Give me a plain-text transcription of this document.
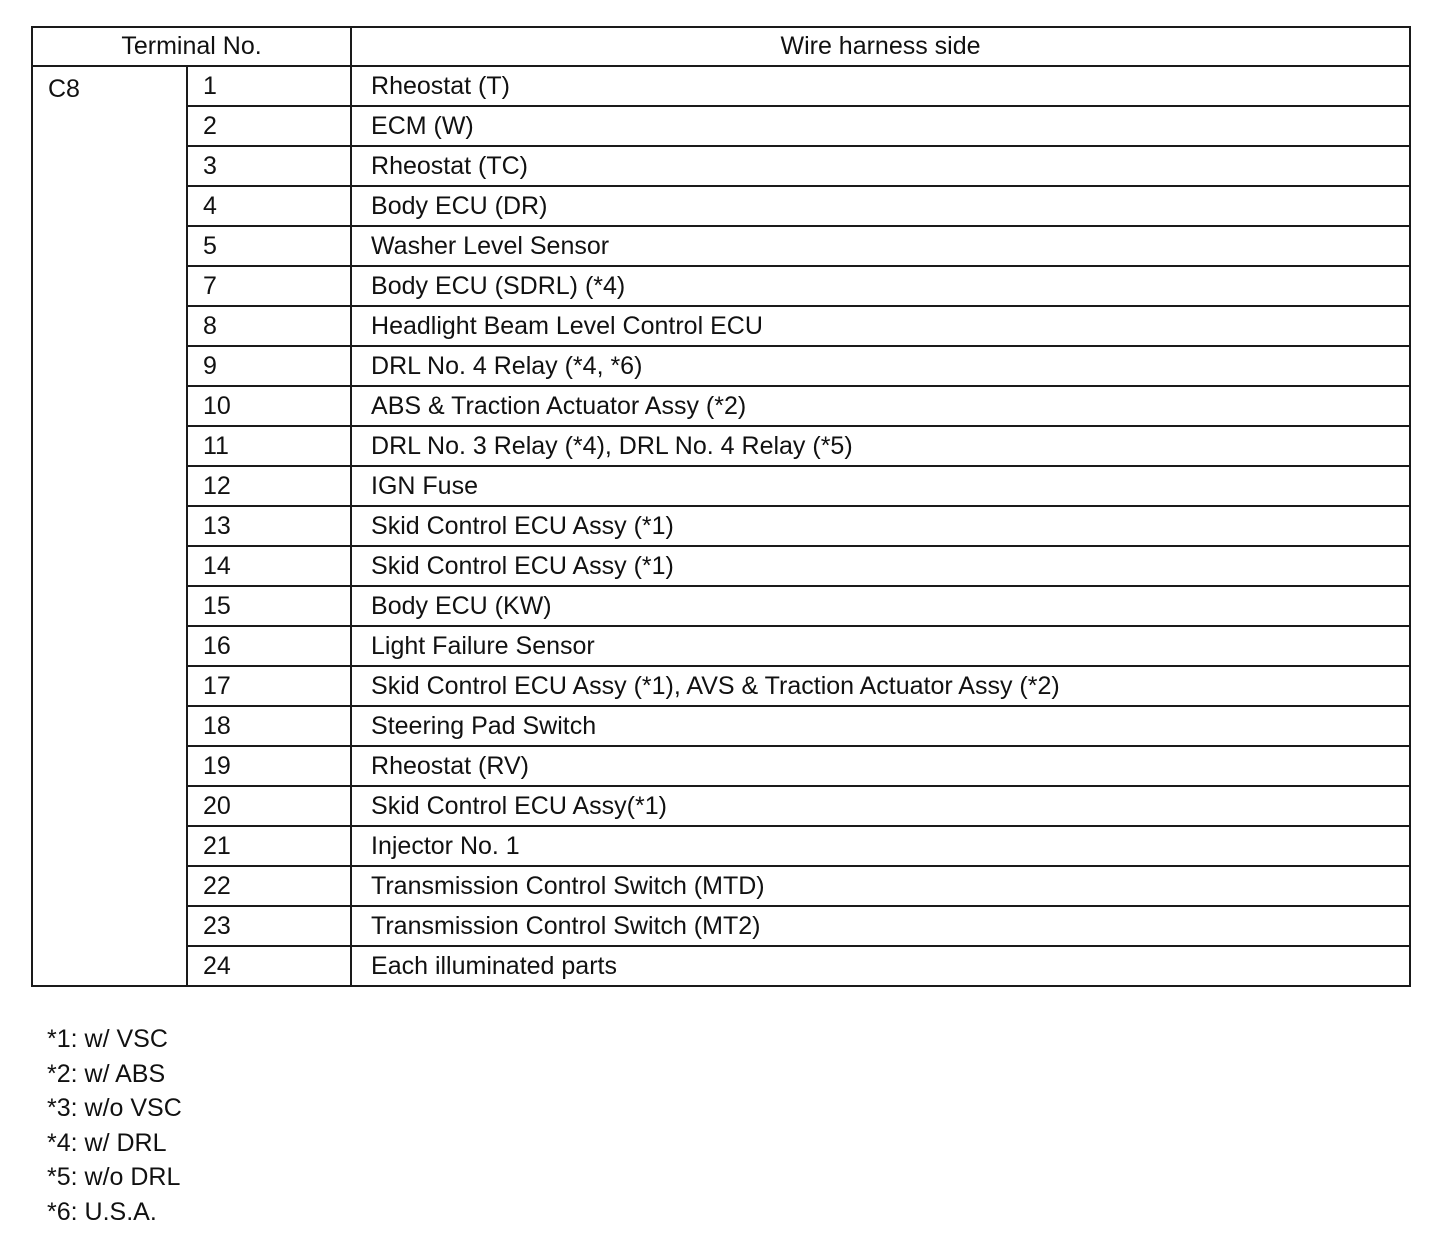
Terminal No.		Wire harness side
C8	1	Rheostat (T)
	2	ECM (W)
	3	Rheostat (TC)
	4	Body ECU (DR)
	5	Washer Level Sensor
	7	Body ECU (SDRL) (*4)
	8	Headlight Beam Level Control ECU
	9	DRL No. 4 Relay (*4, *6)
	10	ABS & Traction Actuator Assy (*2)
	11	DRL No. 3 Relay (*4), DRL No. 4 Relay (*5)
	12	IGN Fuse
	13	Skid Control ECU Assy (*1)
	14	Skid Control ECU Assy (*1)
	15	Body ECU (KW)
	16	Light Failure Sensor
	17	Skid Control ECU Assy (*1), AVS & Traction Actuator Assy (*2)
	18	Steering Pad Switch
	19	Rheostat (RV)
	20	Skid Control ECU Assy(*1)
	21	Injector No. 1
	22	Transmission Control Switch (MTD)
	23	Transmission Control Switch (MT2)
	24	Each illuminated parts
*1: w/ VSC
*2: w/ ABS
*3: w/o VSC
*4: w/ DRL
*5: w/o DRL
*6: U.S.A.
